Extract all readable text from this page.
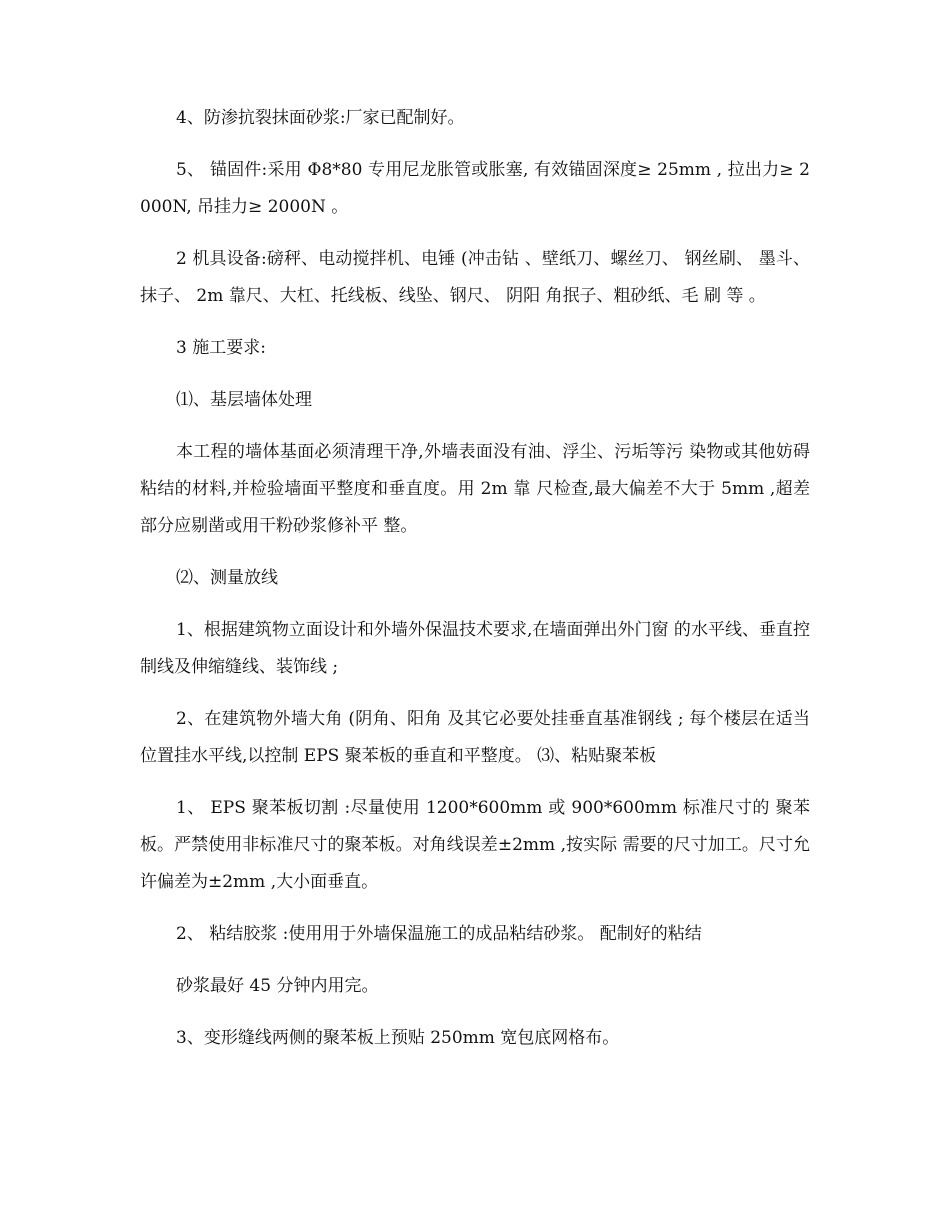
4、防渗抗裂抹面砂浆:厂家已配制好。

5、 锚固件:采用 Φ8*80 专用尼龙胀管或胀塞, 有效锚固深度≥ 25mm , 拉出力≥ 2000N, 吊挂力≥ 2000N 。

2 机具设备:磅秤、电动搅拌机、电锤 (冲击钻 、壁纸刀、螺丝刀、 钢丝刷、 墨斗、抹子、 2m 靠尺、大杠、托线板、线坠、钢尺、 阴阳 角抿子、粗砂纸、毛 刷 等 。

3 施工要求:

⑴、基层墙体处理

本工程的墙体基面必须清理干净,外墙表面没有油、浮尘、污垢等污 染物或其他妨碍粘结的材料,并检验墙面平整度和垂直度。用 2m 靠 尺检查,最大偏差不大于 5mm ,超差部分应剔凿或用干粉砂浆修补平 整。

⑵、测量放线

1、根据建筑物立面设计和外墙外保温技术要求,在墙面弹出外门窗 的水平线、垂直控制线及伸缩缝线、装饰线 ;

2、在建筑物外墙大角 (阴角、阳角 及其它必要处挂垂直基准钢线 ; 每个楼层在适当位置挂水平线,以控制 EPS 聚苯板的垂直和平整度。 ⑶、粘贴聚苯板

1、 EPS 聚苯板切割 :尽量使用 1200*600mm 或 900*600mm 标准尺寸的 聚苯板。严禁使用非标准尺寸的聚苯板。对角线误差±2mm ,按实际 需要的尺寸加工。尺寸允许偏差为±2mm ,大小面垂直。

2、 粘结胶浆 :使用用于外墙保温施工的成品粘结砂浆。 配制好的粘结

砂浆最好 45 分钟内用完。

3、变形缝线两侧的聚苯板上预贴 250mm 宽包底网格布。
